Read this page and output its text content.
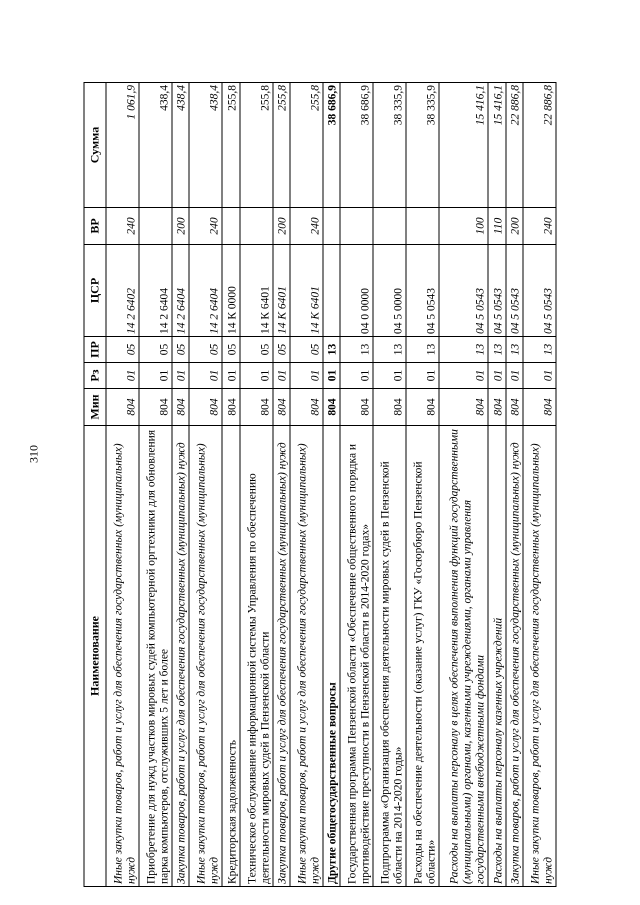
310
Наименование	Мин	Рз	ПР	ЦСР	ВР	Сумма
Иные закупки товаров, работ и услуг для обеспечения государственных (муниципальных) нужд	804	01	05	14 2 6402	240	1 061,9
Приобретение для нужд участков мировых судей компьютерной оргтехники для обновления парка компьютеров, отслуживших 5 лет и более	804	01	05	14 2 6404		438,4
Закупка товаров, работ и услуг для обеспечения государственных (муниципальных) нужд	804	01	05	14 2 6404	200	438,4
Иные закупки товаров, работ и услуг для обеспечения государственных (муниципальных) нужд	804	01	05	14 2 6404	240	438,4
Кредиторская задолженность	804	01	05	14 К 0000		255,8
Техническое обслуживание информационной системы Управления по обеспечению деятельности мировых судей в Пензенской области	804	01	05	14 К 6401		255,8
Закупка товаров, работ и услуг для обеспечения государственных (муниципальных) нужд	804	01	05	14 К 6401	200	255,8
Иные закупки товаров, работ и услуг для обеспечения государственных (муниципальных) нужд	804	01	05	14 К 6401	240	255,8
Другие общегосударственные вопросы	804	01	13			38 686,9
Государственная программа Пензенской области «Обеспечение общественного порядка и противодействие преступности в Пензенской области в 2014-2020 годах»	804	01	13	04 0 0000		38 686,9
Подпрограмма «Организация обеспечения деятельности мировых судей в Пензенской области на 2014-2020 годы»	804	01	13	04 5 0000		38 335,9
Расходы на обеспечение деятельности (оказание услуг) ГКУ «Госюрбюро Пензенской области»	804	01	13	04 5 0543		38 335,9
Расходы на выплаты персоналу в целях обеспечения выполнения функций государственными (муниципальными) органами, казенными учреждениями, органами управления государственными внебюджетными фондами	804	01	13	04 5 0543	100	15 416,1
Расходы на выплаты персоналу казенных учреждений	804	01	13	04 5 0543	110	15 416,1
Закупка товаров, работ и услуг для обеспечения государственных (муниципальных) нужд	804	01	13	04 5 0543	200	22 886,8
Иные закупки товаров, работ и услуг для обеспечения государственных (муниципальных) нужд	804	01	13	04 5 0543	240	22 886,8
